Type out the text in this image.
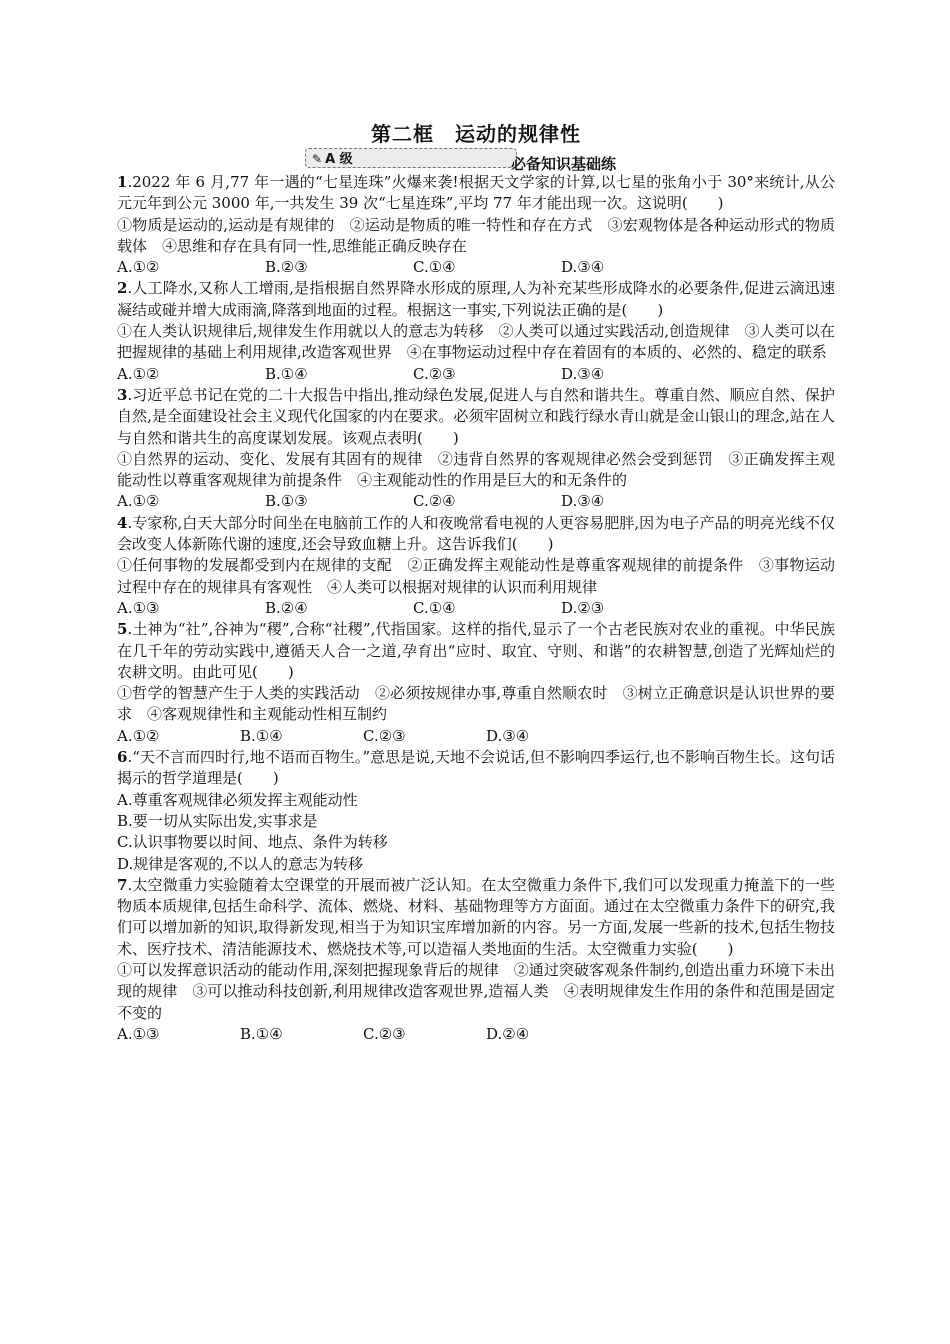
第二框　运动的规律性
✎ A 级	必备知识基础练

1.2022 年 6 月,77 年一遇的“七星连珠”火爆来袭!根据天文学家的计算,以七星的张角小于 30°来统计,从公元元年到公元 3000 年,一共发生 39 次“七星连珠”,平均 77 年才能出现一次。这说明(　　)

①物质是运动的,运动是有规律的　②运动是物质的唯一特性和存在方式　③宏观物体是各种运动形式的物质载体　④思维和存在具有同一性,思维能正确反映存在

A.①②	B.②③	C.①④	D.③④

2.人工降水,又称人工增雨,是指根据自然界降水形成的原理,人为补充某些形成降水的必要条件,促进云滴迅速凝结或碰并增大成雨滴,降落到地面的过程。根据这一事实,下列说法正确的是(　　)

①在人类认识规律后,规律发生作用就以人的意志为转移　②人类可以通过实践活动,创造规律　③人类可以在把握规律的基础上利用规律,改造客观世界　④在事物运动过程中存在着固有的本质的、必然的、稳定的联系

A.①②	B.①④	C.②③	D.③④

3.习近平总书记在党的二十大报告中指出,推动绿色发展,促进人与自然和谐共生。尊重自然、顺应自然、保护自然,是全面建设社会主义现代化国家的内在要求。必须牢固树立和践行绿水青山就是金山银山的理念,站在人与自然和谐共生的高度谋划发展。该观点表明(　　)

①自然界的运动、变化、发展有其固有的规律　②违背自然界的客观规律必然会受到惩罚　③正确发挥主观能动性以尊重客观规律为前提条件　④主观能动性的作用是巨大的和无条件的

A.①②	B.①③	C.②④	D.③④

4.专家称,白天大部分时间坐在电脑前工作的人和夜晚常看电视的人更容易肥胖,因为电子产品的明亮光线不仅会改变人体新陈代谢的速度,还会导致血糖上升。这告诉我们(　　)

①任何事物的发展都受到内在规律的支配　②正确发挥主观能动性是尊重客观规律的前提条件　③事物运动过程中存在的规律具有客观性　④人类可以根据对规律的认识而利用规律

A.①③	B.②④	C.①④	D.②③

5.土神为“社”,谷神为“稷”,合称“社稷”,代指国家。这样的指代,显示了一个古老民族对农业的重视。中华民族在几千年的劳动实践中,遵循天人合一之道,孕育出“应时、取宜、守则、和谐”的农耕智慧,创造了光辉灿烂的农耕文明。由此可见(　　)

①哲学的智慧产生于人类的实践活动　②必须按规律办事,尊重自然顺农时　③树立正确意识是认识世界的要求　④客观规律性和主观能动性相互制约

A.①②	B.①④	C.②③	D.③④

6.“天不言而四时行,地不语而百物生。”意思是说,天地不会说话,但不影响四季运行,也不影响百物生长。这句话揭示的哲学道理是(　　)

A.尊重客观规律必须发挥主观能动性
B.要一切从实际出发,实事求是
C.认识事物要以时间、地点、条件为转移
D.规律是客观的,不以人的意志为转移

7.太空微重力实验随着太空课堂的开展而被广泛认知。在太空微重力条件下,我们可以发现重力掩盖下的一些物质本质规律,包括生命科学、流体、燃烧、材料、基础物理等方方面面。通过在太空微重力条件下的研究,我们可以增加新的知识,取得新发现,相当于为知识宝库增加新的内容。另一方面,发展一些新的技术,包括生物技术、医疗技术、清洁能源技术、燃烧技术等,可以造福人类地面的生活。太空微重力实验(　　)

①可以发挥意识活动的能动作用,深刻把握现象背后的规律　②通过突破客观条件制约,创造出重力环境下未出现的规律　③可以推动科技创新,利用规律改造客观世界,造福人类　④表明规律发生作用的条件和范围是固定不变的

A.①③	B.①④	C.②③	D.②④
